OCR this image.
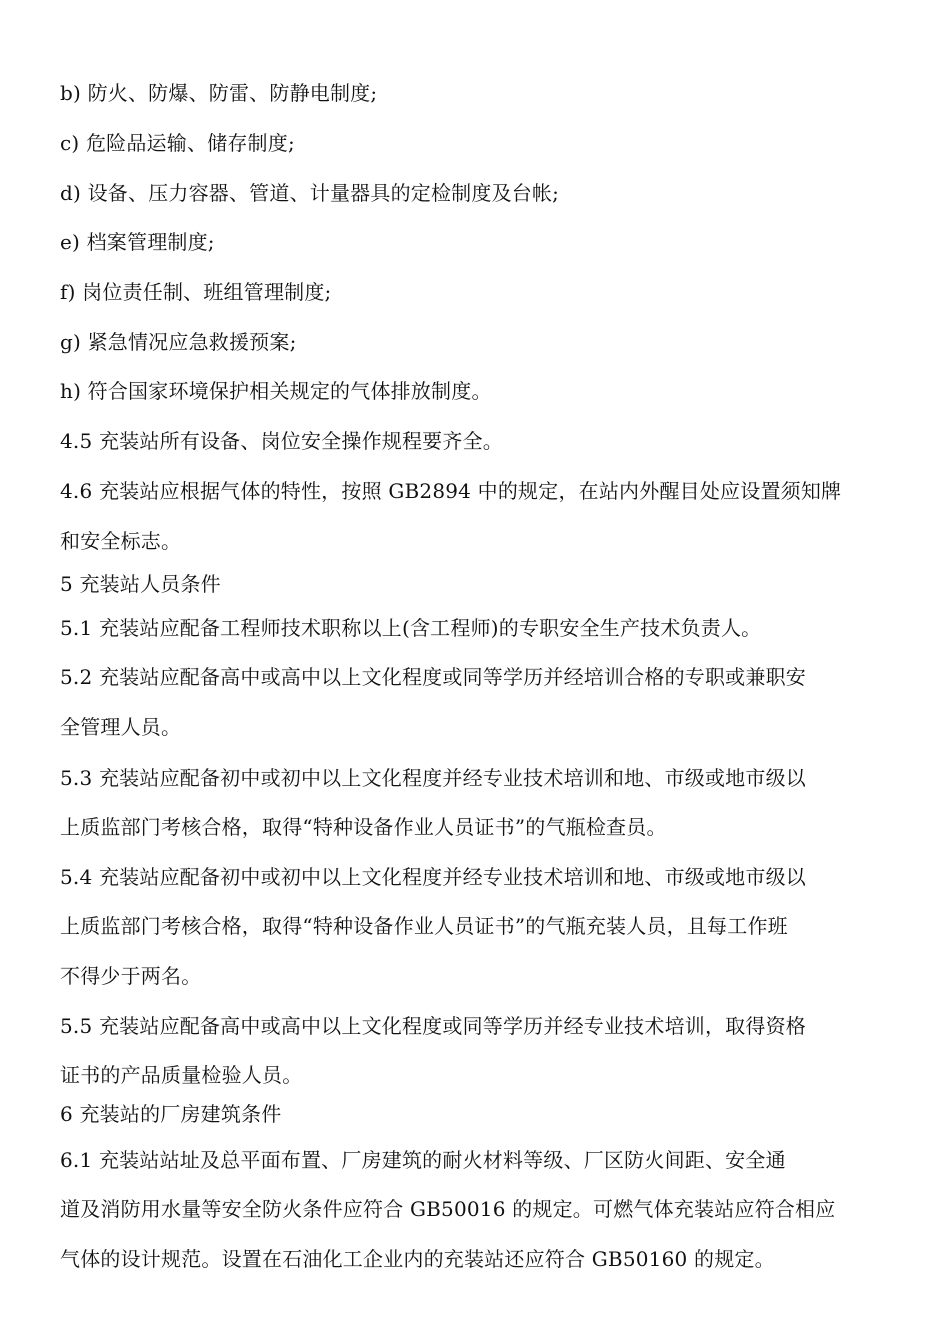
b) 防火、防爆、防雷、防静电制度;
c) 危险品运输、储存制度;
d) 设备、压力容器、管道、计量器具的定检制度及台帐;
e) 档案管理制度;
f) 岗位责任制、班组管理制度;
g) 紧急情况应急救援预案;
h) 符合国家环境保护相关规定的气体排放制度。
4.5 充装站所有设备、岗位安全操作规程要齐全。
4.6 充装站应根据气体的特性，按照 GB2894 中的规定，在站内外醒目处应设置须知牌
和安全标志。
5 充装站人员条件
5.1 充装站应配备工程师技术职称以上(含工程师)的专职安全生产技术负责人。
5.2 充装站应配备高中或高中以上文化程度或同等学历并经培训合格的专职或兼职安
全管理人员。
5.3 充装站应配备初中或初中以上文化程度并经专业技术培训和地、市级或地市级以
上质监部门考核合格，取得“特种设备作业人员证书”的气瓶检查员。
5.4 充装站应配备初中或初中以上文化程度并经专业技术培训和地、市级或地市级以
上质监部门考核合格，取得“特种设备作业人员证书”的气瓶充装人员，且每工作班
不得少于两名。
5.5 充装站应配备高中或高中以上文化程度或同等学历并经专业技术培训，取得资格
证书的产品质量检验人员。
6 充装站的厂房建筑条件
6.1 充装站站址及总平面布置、厂房建筑的耐火材料等级、厂区防火间距、安全通
道及消防用水量等安全防火条件应符合 GB50016 的规定。可燃气体充装站应符合相应
气体的设计规范。设置在石油化工企业内的充装站还应符合 GB50160 的规定。
